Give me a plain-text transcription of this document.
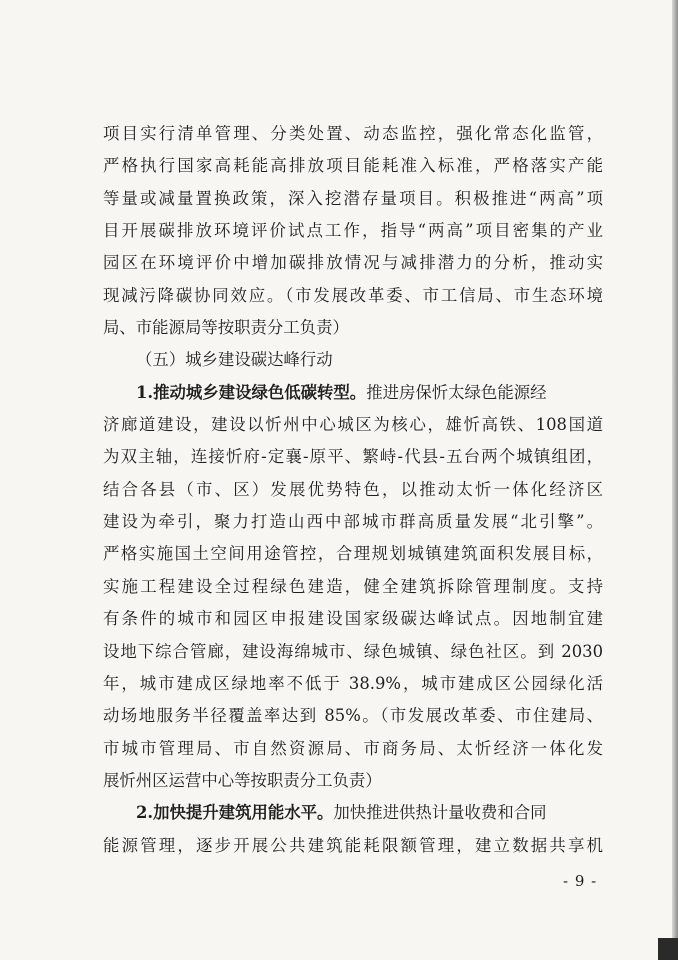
项目实行清单管理、分类处置、动态监控，强化常态化监管，
严格执行国家高耗能高排放项目能耗准入标准，严格落实产能
等量或减量置换政策，深入挖潜存量项目。积极推进“两高”项
目开展碳排放环境评价试点工作，指导“两高”项目密集的产业
园区在环境评价中增加碳排放情况与减排潜力的分析，推动实
现减污降碳协同效应。（市发展改革委、市工信局、市生态环境
局、市能源局等按职责分工负责）
（五）城乡建设碳达峰行动
1.推动城乡建设绿色低碳转型。推进房保忻太绿色能源经
济廊道建设，建设以忻州中心城区为核心，雄忻高铁、108国道
为双主轴，连接忻府-定襄-原平、繁峙-代县-五台两个城镇组团，
结合各县（市、区）发展优势特色，以推动太忻一体化经济区
建设为牵引，聚力打造山西中部城市群高质量发展“北引擎”。
严格实施国土空间用途管控，合理规划城镇建筑面积发展目标，
实施工程建设全过程绿色建造，健全建筑拆除管理制度。支持
有条件的城市和园区申报建设国家级碳达峰试点。因地制宜建
设地下综合管廊，建设海绵城市、绿色城镇、绿色社区。到 2030
年，城市建成区绿地率不低于 38.9%，城市建成区公园绿化活
动场地服务半径覆盖率达到 85%。（市发展改革委、市住建局、
市城市管理局、市自然资源局、市商务局、太忻经济一体化发
展忻州区运营中心等按职责分工负责）
2.加快提升建筑用能水平。加快推进供热计量收费和合同
能源管理，逐步开展公共建筑能耗限额管理，建立数据共享机
- 9 -
